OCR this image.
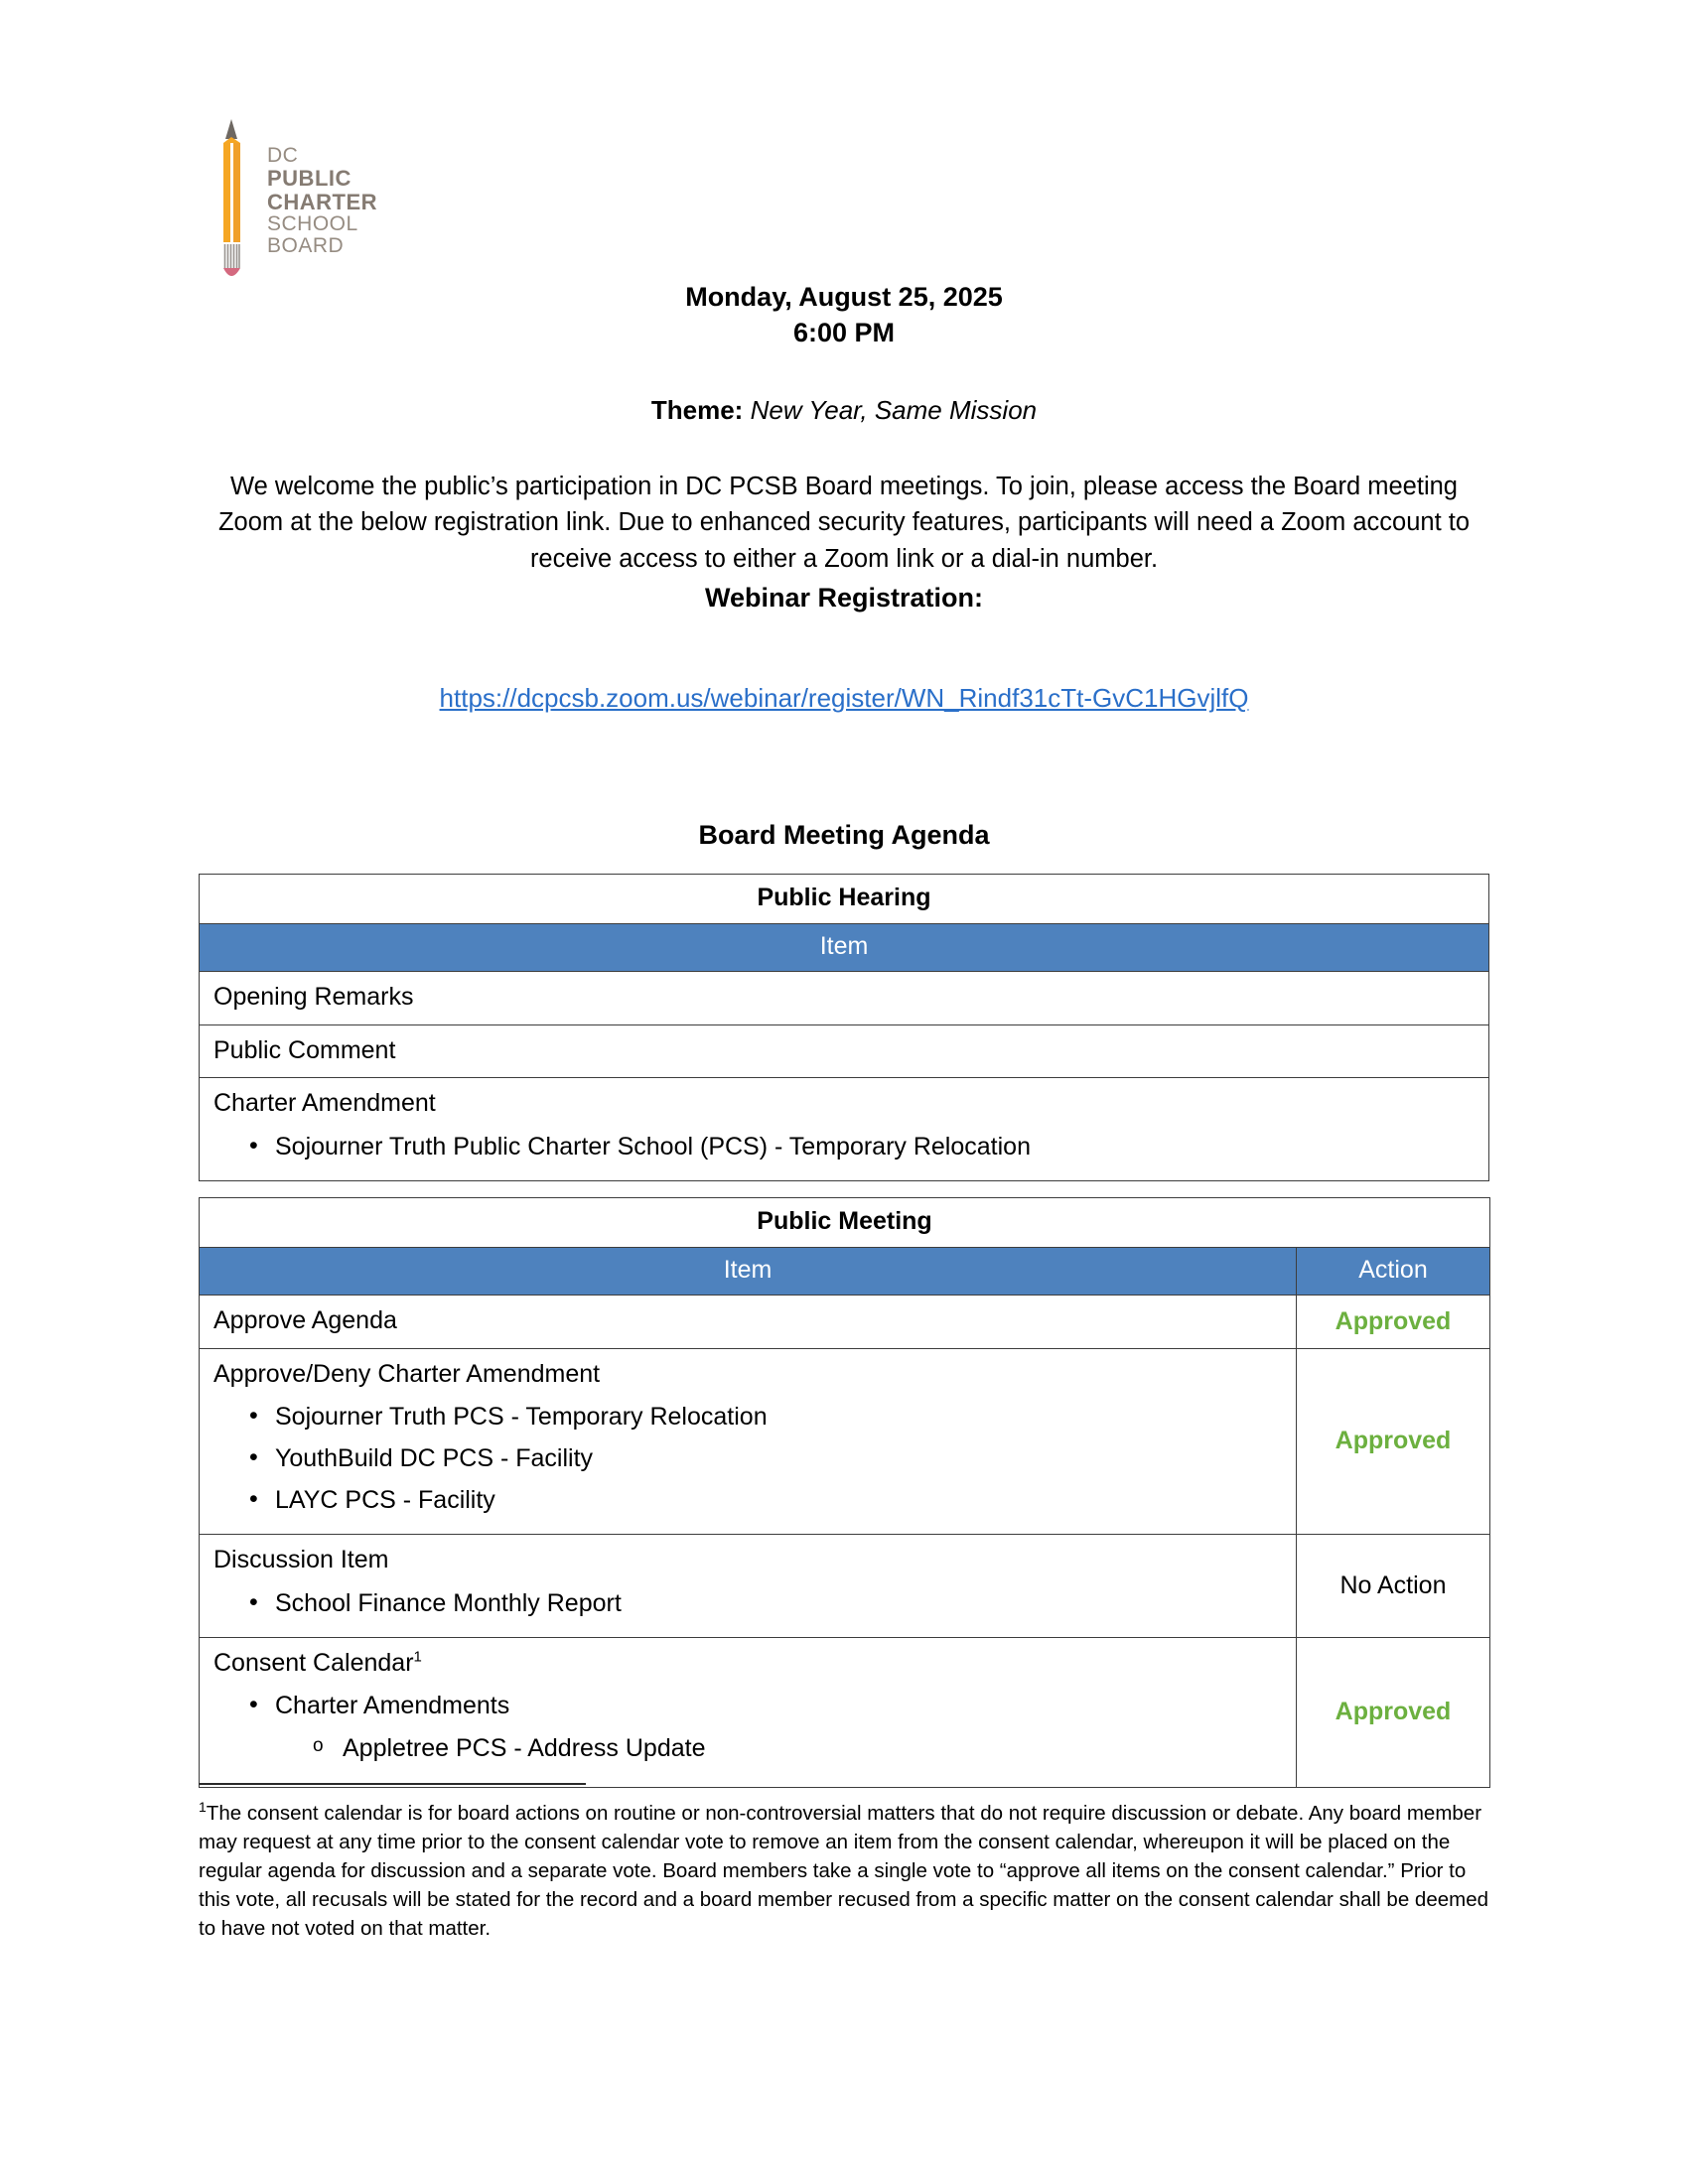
DC
PUBLIC
CHARTER
SCHOOL
BOARD
Monday, August 25, 2025
6:00 PM
Theme: New Year, Same Mission
We welcome the public’s participation in DC PCSB Board meetings. To join, please access the Board meeting Zoom at the below registration link. Due to enhanced security features, participants will need a Zoom account to receive access to either a Zoom link or a dial-in number.
Webinar Registration:
https://dcpcsb.zoom.us/webinar/register/WN_Rindf31cTt-GvC1HGvjlfQ
Board Meeting Agenda
Public Hearing
Item
Opening Remarks
Public Comment
Charter Amendment
• Sojourner Truth Public Charter School (PCS) - Temporary Relocation
Public Meeting	
Item	Action
Approve Agenda	Approved
Approve/Deny Charter Amendment
• Sojourner Truth PCS - Temporary Relocation
• YouthBuild DC PCS - Facility
• LAYC PCS - Facility
	Approved
Discussion Item
• School Finance Monthly Report
	No Action
Consent Calendar$^1$
• Charter Amendments
o Appletree PCS - Address Update
	Approved
$^1$The consent calendar is for board actions on routine or non-controversial matters that do not require discussion or debate. Any board member may request at any time prior to the consent calendar vote to remove an item from the consent calendar, whereupon it will be placed on the regular agenda for discussion and a separate vote. Board members take a single vote to “approve all items on the consent calendar.” Prior to this vote, all recusals will be stated for the record and a board member recused from a specific matter on the consent calendar shall be deemed to have not voted on that matter.
